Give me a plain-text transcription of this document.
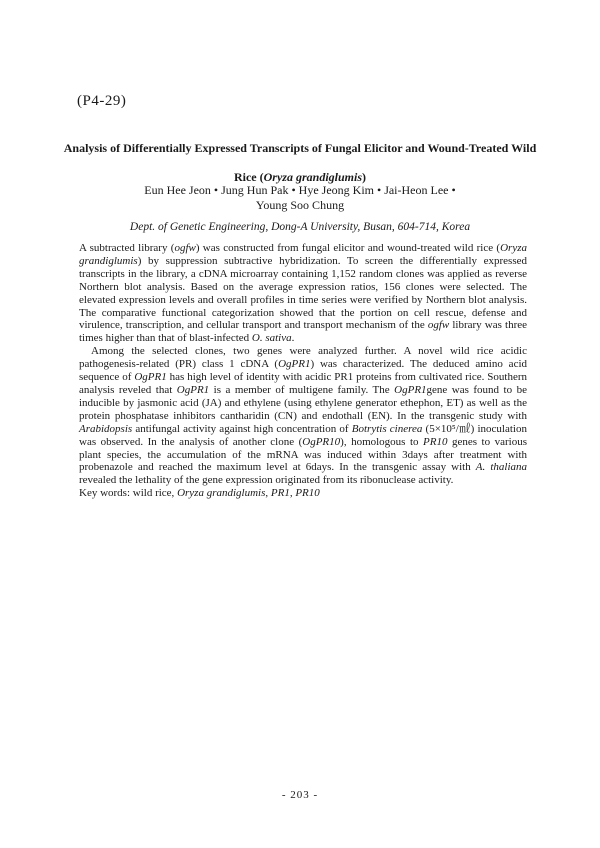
(P4-29)
Analysis of Differentially Expressed Transcripts of Fungal Elicitor and Wound-Treated Wild
Rice (Oryza grandiglumis)
Eun Hee Jeon • Jung Hun Pak • Hye Jeong Kim • Jai-Heon Lee •
Young Soo Chung
Dept. of Genetic Engineering, Dong-A University, Busan, 604-714, Korea

A subtracted library (ogfw) was constructed from fungal elicitor and wound-treated wild rice (Oryza grandiglumis) by suppression subtractive hybridization. To screen the differentially expressed transcripts in the library, a cDNA microarray containing 1,152 random clones was applied as reverse Northern blot analysis. Based on the average expression ratios, 156 clones were selected. The elevated expression levels and overall profiles in time series were verified by Northern blot analysis. The comparative functional categorization showed that the portion on cell rescue, defense and virulence, transcription, and cellular transport and transport mechanism of the ogfw library was three times higher than that of blast-infected O. sativa.

Among the selected clones, two genes were analyzed further. A novel wild rice acidic pathogenesis-related (PR) class 1 cDNA (OgPR1) was characterized. The deduced amino acid sequence of OgPR1 has high level of identity with acidic PR1 proteins from cultivated rice. Southern analysis reveled that OgPR1 is a member of multigene family. The OgPR1gene was found to be inducible by jasmonic acid (JA) and ethylene (using ethylene generator ethephon, ET) as well as the protein phosphatase inhibitors cantharidin (CN) and endothall (EN). In the transgenic study with Arabidopsis antifungal activity against high concentration of Botrytis cinerea (5×10⁵/㎖) inoculation was observed. In the analysis of another clone (OgPR10), homologous to PR10 genes to various plant species, the accumulation of the mRNA was induced within 3days after treatment with probenazole and reached the maximum level at 6days. In the transgenic assay with A. thaliana revealed the lethality of the gene expression originated from its ribonuclease activity.

Key words: wild rice, Oryza grandiglumis, PR1, PR10

- 203 -
